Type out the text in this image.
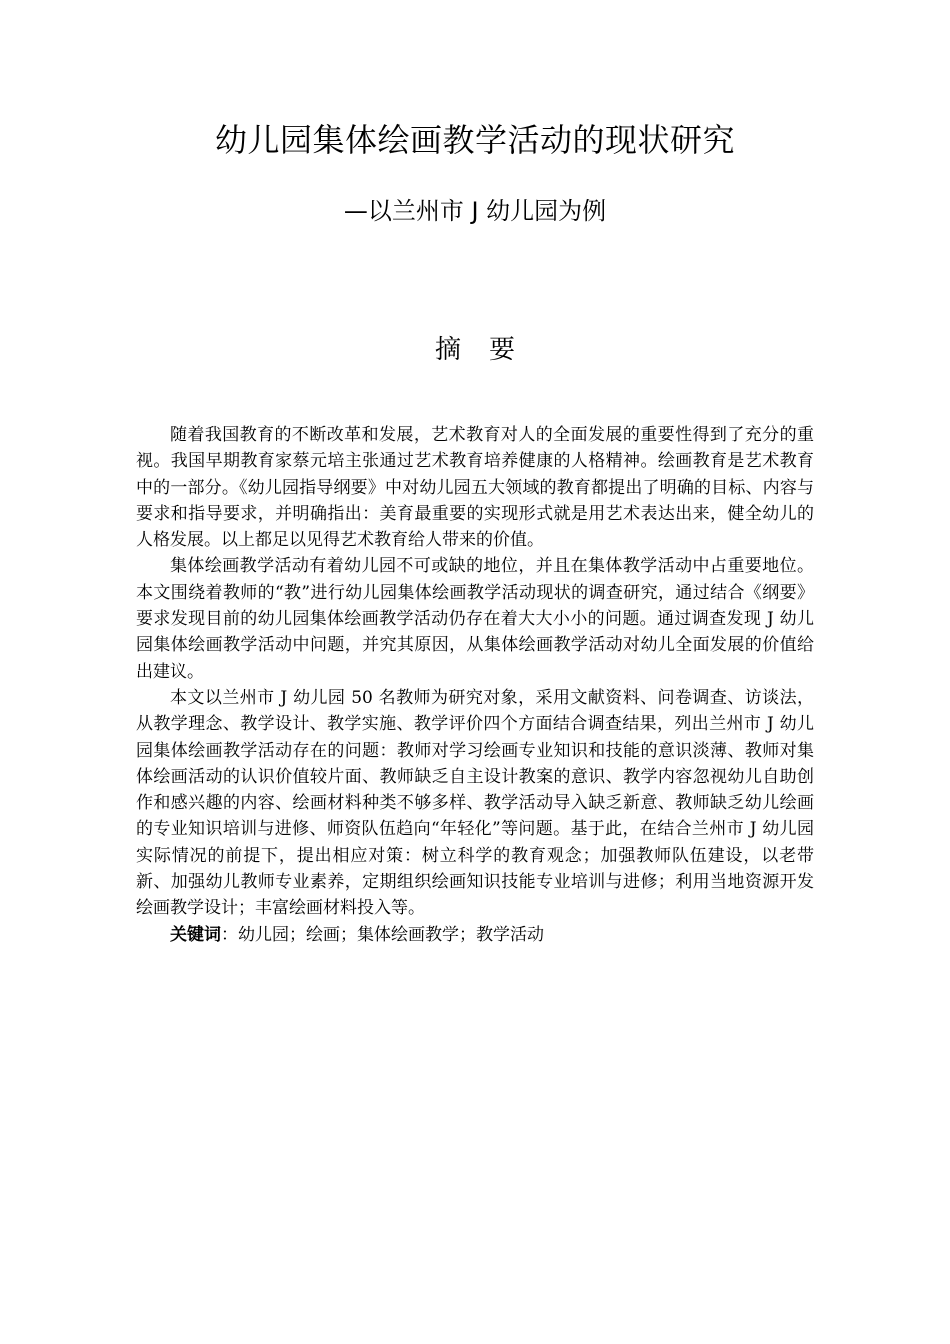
幼儿园集体绘画教学活动的现状研究
—以兰州市 J 幼儿园为例
摘要

随着我国教育的不断改革和发展，艺术教育对人的全面发展的重要性得到了充分的重视。我国早期教育家蔡元培主张通过艺术教育培养健康的人格精神。绘画教育是艺术教育中的一部分。《幼儿园指导纲要》中对幼儿园五大领域的教育都提出了明确的目标、内容与要求和指导要求，并明确指出：美育最重要的实现形式就是用艺术表达出来，健全幼儿的人格发展。以上都足以见得艺术教育给人带来的价值。

集体绘画教学活动有着幼儿园不可或缺的地位，并且在集体教学活动中占重要地位。本文围绕着教师的“教”进行幼儿园集体绘画教学活动现状的调查研究，通过结合《纲要》要求发现目前的幼儿园集体绘画教学活动仍存在着大大小小的问题。通过调查发现 J 幼儿园集体绘画教学活动中问题，并究其原因，从集体绘画教学活动对幼儿全面发展的价值给出建议。

本文以兰州市 J 幼儿园 50 名教师为研究对象，采用文献资料、问卷调查、访谈法，从教学理念、教学设计、教学实施、教学评价四个方面结合调查结果，列出兰州市 J 幼儿园集体绘画教学活动存在的问题：教师对学习绘画专业知识和技能的意识淡薄、教师对集体绘画活动的认识价值较片面、教师缺乏自主设计教案的意识、教学内容忽视幼儿自助创作和感兴趣的内容、绘画材料种类不够多样、教学活动导入缺乏新意、教师缺乏幼儿绘画的专业知识培训与进修、师资队伍趋向“年轻化”等问题。基于此，在结合兰州市 J 幼儿园实际情况的前提下，提出相应对策：树立科学的教育观念；加强教师队伍建设，以老带新、加强幼儿教师专业素养，定期组织绘画知识技能专业培训与进修；利用当地资源开发绘画教学设计；丰富绘画材料投入等。

关键词：幼儿园；绘画；集体绘画教学；教学活动
